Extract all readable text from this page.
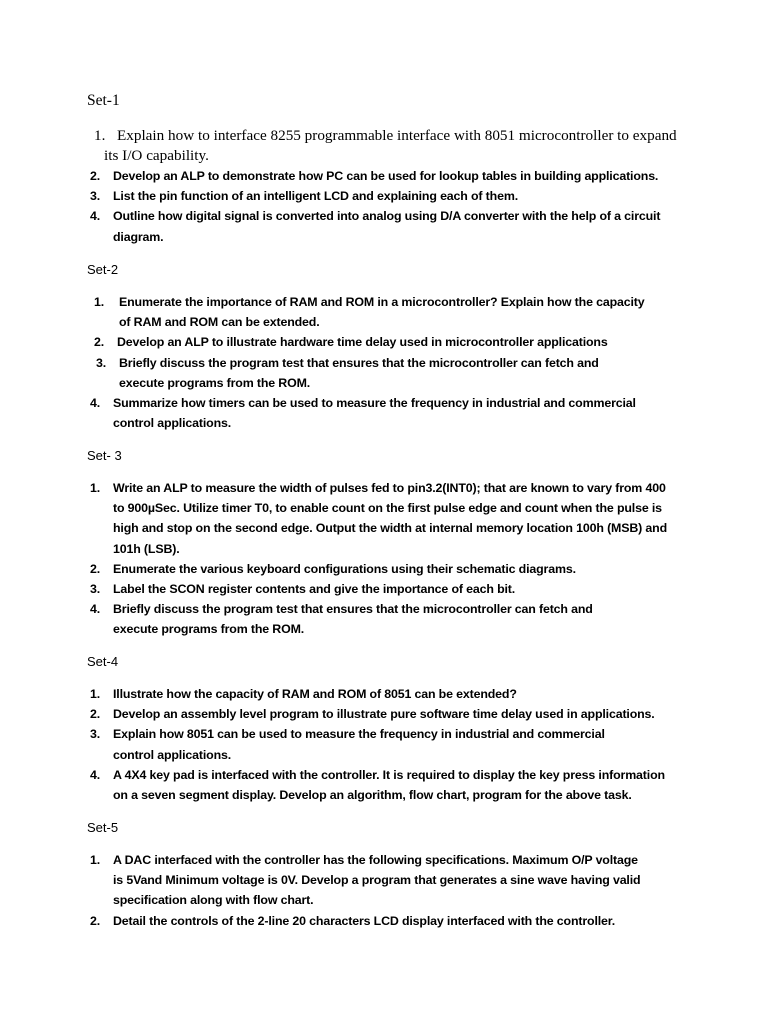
Set-1
1. Explain how to interface 8255 programmable interface with 8051 microcontroller to expand
its I/O capability.
2.	Develop an ALP to demonstrate how PC can be used for lookup tables in building applications.
3.	List the pin function of an intelligent LCD and explaining each of them.
4.	Outline how digital signal is converted into analog using D/A converter with the help of a circuit diagram.
Set-2
1.	Enumerate the importance of RAM and ROM in a microcontroller? Explain how the capacity of RAM and ROM can be extended.
2.	Develop an ALP to illustrate hardware time delay used in microcontroller applications
3.	Briefly discuss the program test that ensures that the microcontroller can fetch and execute programs from the ROM.
4.	Summarize how timers can be used to measure the frequency in industrial and commercial control applications.
Set- 3
1.	Write an ALP to measure the width of pulses fed to pin3.2(INT0); that are known to vary from 400 to 900µSec. Utilize timer T0, to enable count on the first pulse edge and count when the pulse is high and stop on the second edge. Output the width at internal memory location 100h (MSB) and 101h (LSB).
2.	Enumerate the various keyboard configurations using their schematic diagrams.
3.	Label the SCON register contents and give the importance of each bit.
4.	Briefly discuss the program test that ensures that the microcontroller can fetch and execute programs from the ROM.
Set-4
1.	Illustrate how the capacity of RAM and ROM of 8051 can be extended?
2.	Develop an assembly level program to illustrate pure software time delay used in applications.
3.	Explain how 8051 can be used to measure the frequency in industrial and commercial control applications.
4.	A 4X4 key pad is interfaced with the controller. It is required to display the key press information on a seven segment display. Develop an algorithm, flow chart, program for the above task.
Set-5
1.	A DAC interfaced with the controller has the following specifications. Maximum O/P voltage is 5Vand Minimum voltage is 0V. Develop a program that generates a sine wave having valid specification along with flow chart.
2.	Detail the controls of the 2-line 20 characters LCD display interfaced with the controller.
